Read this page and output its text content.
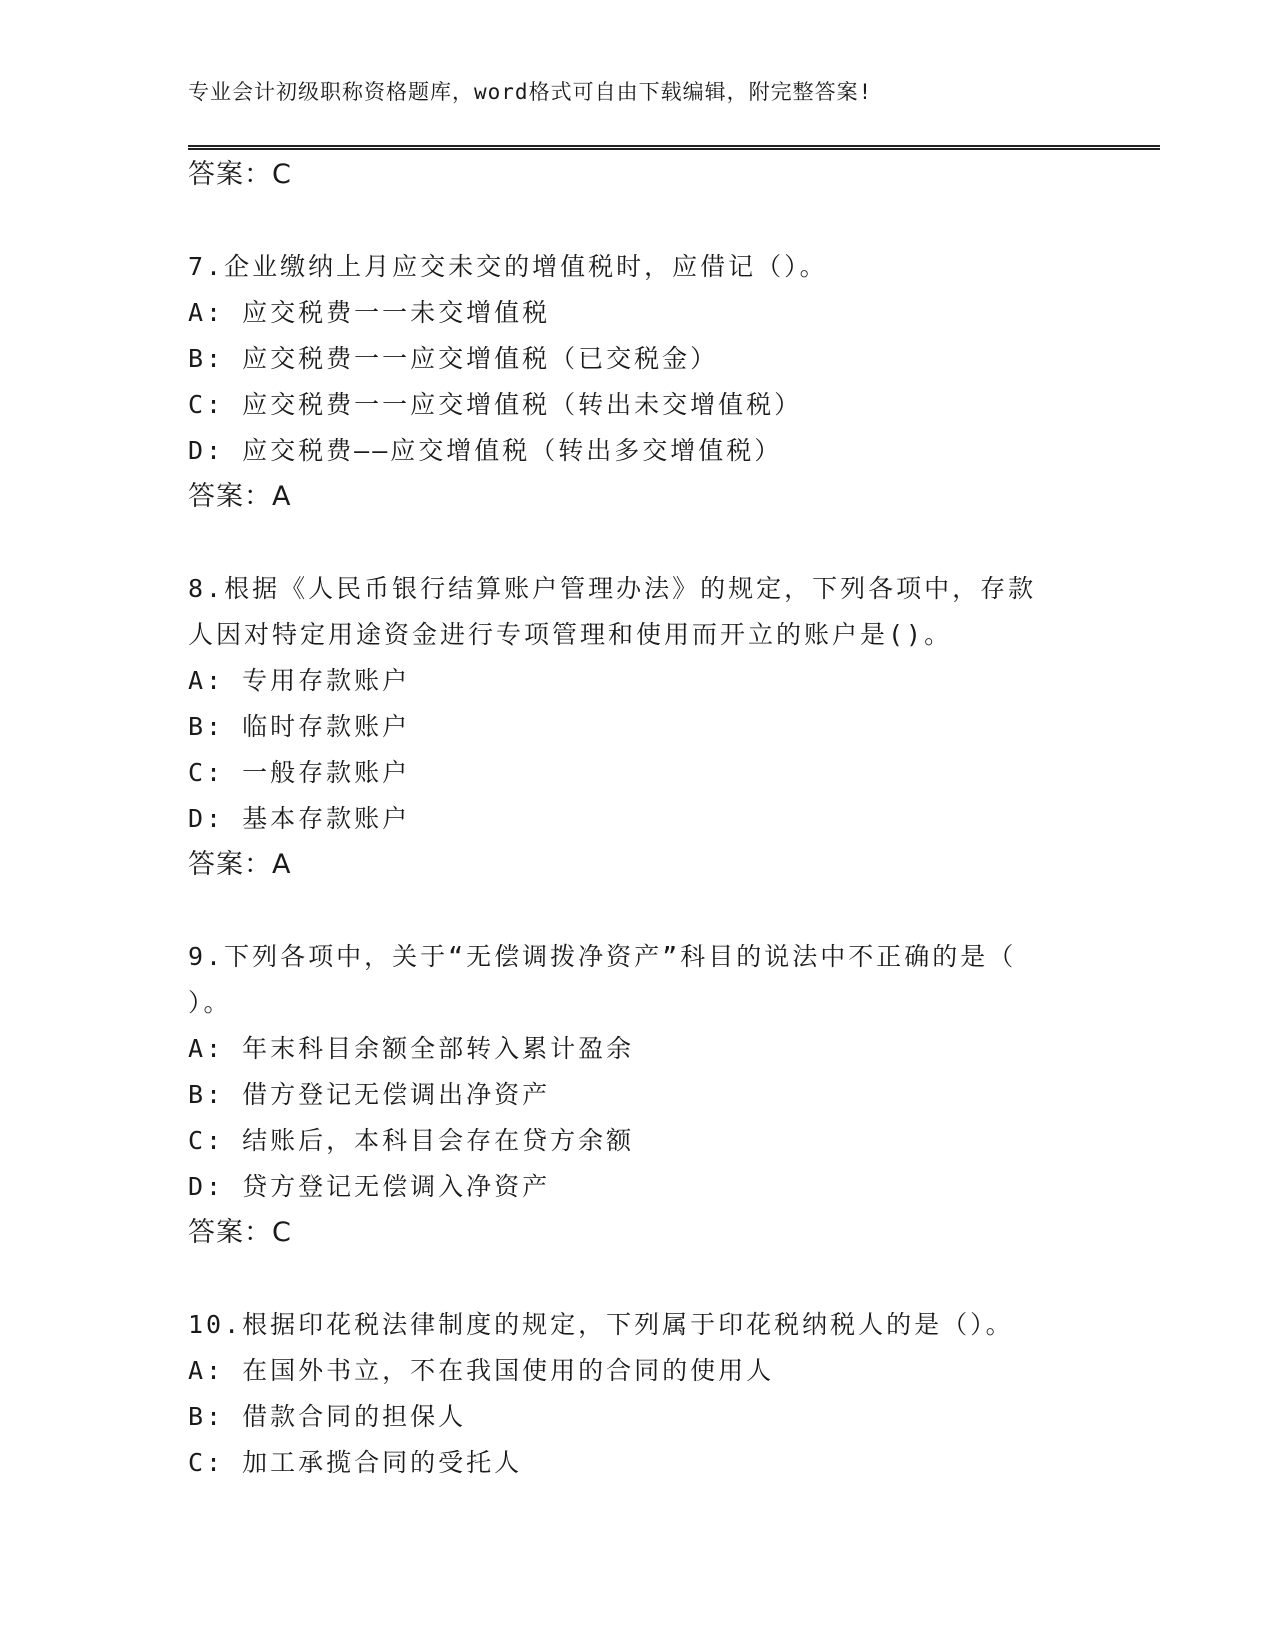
专业会计初级职称资格题库，word格式可自由下载编辑，附完整答案!
答案：C
7.企业缴纳上月应交未交的增值税时，应借记（）。
A: 应交税费一一未交增值税
B: 应交税费一一应交增值税（已交税金）
C: 应交税费一一应交增值税（转出未交增值税）
D: 应交税费——应交增值税（转出多交增值税）
答案：A
8.根据《人民币银行结算账户管理办法》的规定，下列各项中，存款
人因对特定用途资金进行专项管理和使用而开立的账户是()。
A: 专用存款账户
B: 临时存款账户
C: 一般存款账户
D: 基本存款账户
答案：A
9.下列各项中，关于“无偿调拨净资产”科目的说法中不正确的是（
）。
A: 年末科目余额全部转入累计盈余
B: 借方登记无偿调出净资产
C: 结账后，本科目会存在贷方余额
D: 贷方登记无偿调入净资产
答案：C
10.根据印花税法律制度的规定，下列属于印花税纳税人的是（）。
A: 在国外书立，不在我国使用的合同的使用人
B: 借款合同的担保人
C: 加工承揽合同的受托人
